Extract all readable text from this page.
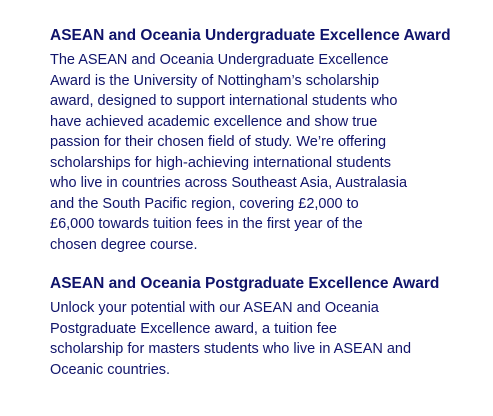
ASEAN and Oceania Undergraduate Excellence Award

The ASEAN and Oceania Undergraduate Excellence
Award is the University of Nottingham’s scholarship
award, designed to support international students who
have achieved academic excellence and show true
passion for their chosen field of study. We’re offering
scholarships for high-achieving international students
who live in countries across Southeast Asia, Australasia
and the South Pacific region, covering £2,000 to
£6,000 towards tuition fees in the first year of the
chosen degree course.

ASEAN and Oceania Postgraduate Excellence Award

Unlock your potential with our ASEAN and Oceania
Postgraduate Excellence award, a tuition fee
scholarship for masters students who live in ASEAN and
Oceanic countries.
